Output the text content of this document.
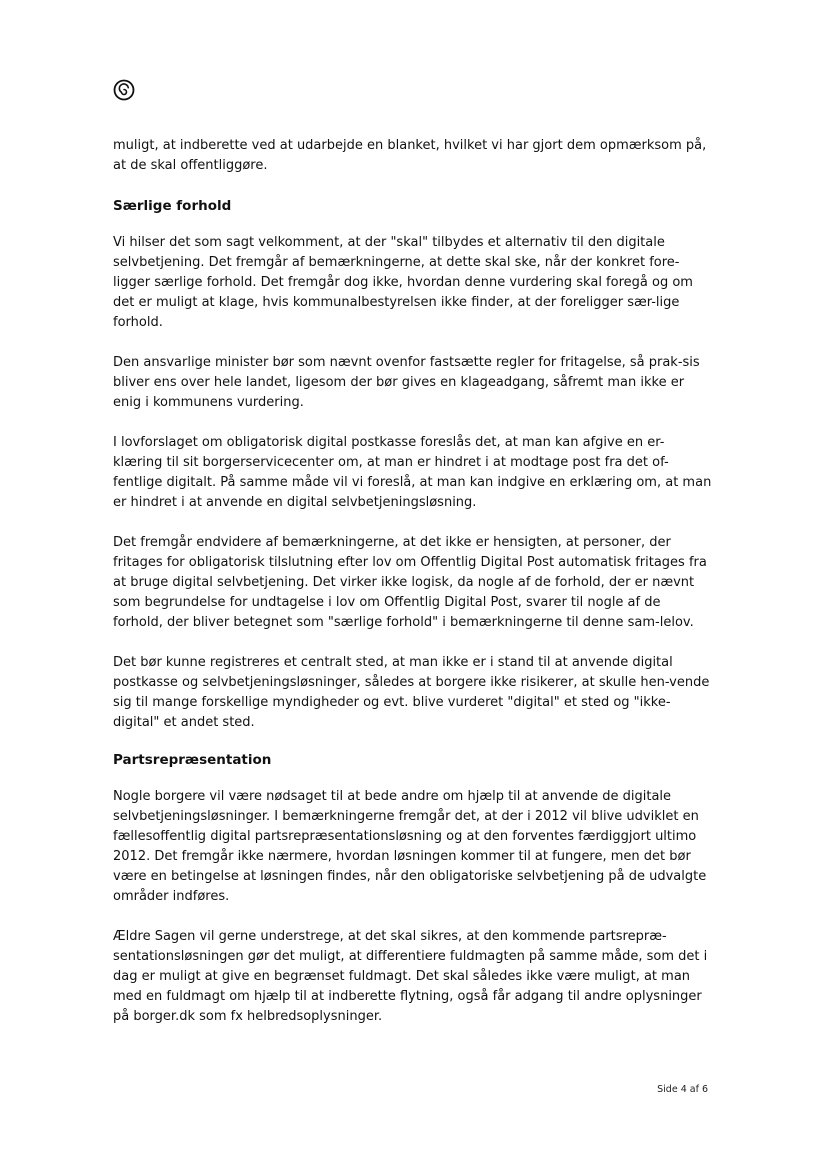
muligt, at indberette ved at udarbejde en blanket, hvilket vi har gjort dem opmærksom på, at de skal offentliggøre.

Særlige forhold

Vi hilser det som sagt velkomment, at der "skal" tilbydes et alternativ til den digitale selvbetjening. Det fremgår af bemærkningerne, at dette skal ske, når der konkret fore-ligger særlige forhold. Det fremgår dog ikke, hvordan denne vurdering skal foregå og om det er muligt at klage, hvis kommunalbestyrelsen ikke finder, at der foreligger sær-lige forhold.

Den ansvarlige minister bør som nævnt ovenfor fastsætte regler for fritagelse, så prak-sis bliver ens over hele landet, ligesom der bør gives en klageadgang, såfremt man ikke er enig i kommunens vurdering.

I lovforslaget om obligatorisk digital postkasse foreslås det, at man kan afgive en er-klæring til sit borgerservicecenter om, at man er hindret i at modtage post fra det of-fentlige digitalt. På samme måde vil vi foreslå, at man kan indgive en erklæring om, at man er hindret i at anvende en digital selvbetjeningsløsning.

Det fremgår endvidere af bemærkningerne, at det ikke er hensigten, at personer, der fritages for obligatorisk tilslutning efter lov om Offentlig Digital Post automatisk fritages fra at bruge digital selvbetjening. Det virker ikke logisk, da nogle af de forhold, der er nævnt som begrundelse for undtagelse i lov om Offentlig Digital Post, svarer til nogle af de forhold, der bliver betegnet som "særlige forhold" i bemærkningerne til denne sam-lelov.

Det bør kunne registreres et centralt sted, at man ikke er i stand til at anvende digital postkasse og selvbetjeningsløsninger, således at borgere ikke risikerer, at skulle hen-vende sig til mange forskellige myndigheder og evt. blive vurderet "digital" et sted og "ikke-digital" et andet sted.

Partsrepræsentation

Nogle borgere vil være nødsaget til at bede andre om hjælp til at anvende de digitale selvbetjeningsløsninger. I bemærkningerne fremgår det, at der i 2012 vil blive udviklet en fællesoffentlig digital partsrepræsentationsløsning og at den forventes færdiggjort ultimo 2012. Det fremgår ikke nærmere, hvordan løsningen kommer til at fungere, men det bør være en betingelse at løsningen findes, når den obligatoriske selvbetjening på de udvalgte områder indføres.

Ældre Sagen vil gerne understrege, at det skal sikres, at den kommende partsrepræ-sentationsløsningen gør det muligt, at differentiere fuldmagten på samme måde, som det i dag er muligt at give en begrænset fuldmagt. Det skal således ikke være muligt, at man med en fuldmagt om hjælp til at indberette flytning, også får adgang til andre oplysninger på borger.dk som fx helbredsoplysninger.

Side 4 af 6
